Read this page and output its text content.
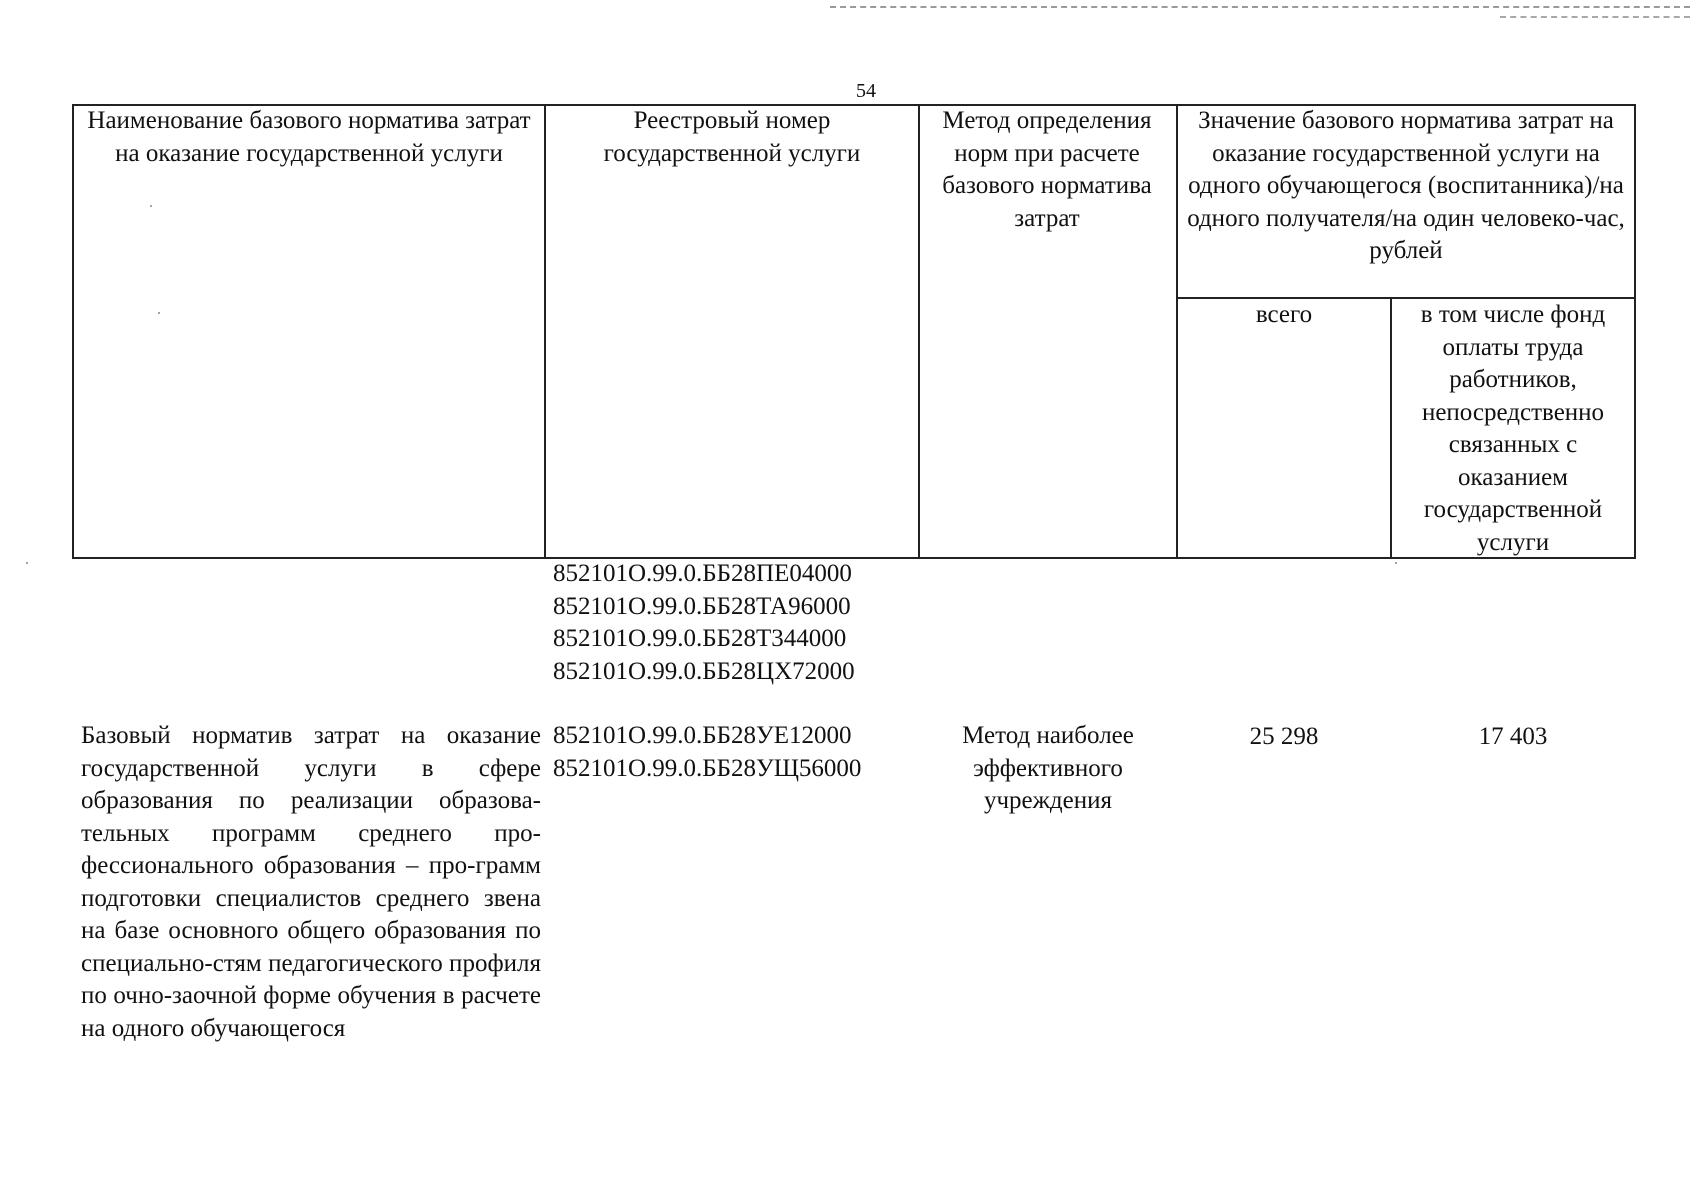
54
Наименование базового норматива затрат на оказание государственной услуги
Реестровый номер государственной услуги
Метод определения норм при расчете базового норматива затрат
Значение базового норматива затрат на оказание государственной услуги на одного обучающегося (воспитанника)/на одного получателя/на один человеко-час, рублей
всего	в том числе фонд оплаты труда работников, непосредственно связанных с оказанием государственной услуги
852101О.99.0.ББ28ПЕ04000
852101О.99.0.ББ28ТА96000
852101О.99.0.ББ28Т344000
852101О.99.0.ББ28ЦХ72000
Базовый норматив затрат на оказание государственной услуги в сфере образования по реализации образова-тельных программ среднего про-фессионального образования – про-грамм подготовки специалистов среднего звена на базе основного общего образования по специально-стям педагогического профиля по очно-заочной форме обучения в расчете на одного обучающегося
852101О.99.0.ББ28УЕ12000
852101О.99.0.ББ28УЩ56000
Метод наиболее эффективного учреждения
25 298	17 403
